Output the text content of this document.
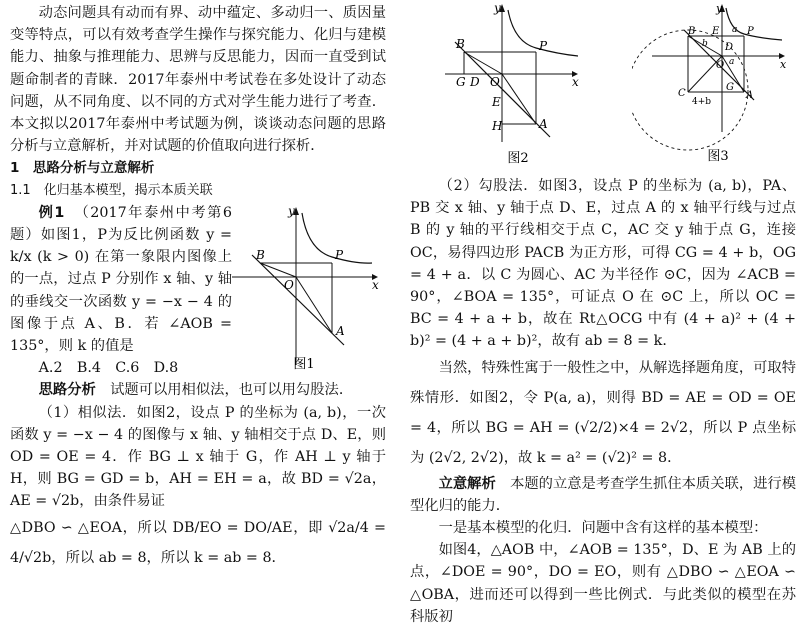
动态问题具有动而有界、动中蕴定、多动归一、质因量变等特点，可以有效考查学生操作与探究能力、化归与建模能力、抽象与推理能力、思辨与反思能力，因而一直受到试题命制者的青睐．2017年泰州中考试卷在多处设计了动态问题，从不同角度、以不同的方式对学生能力进行了考查．本文拟以2017年泰州中考试题为例，谈谈动态问题的思路分析与立意解析，并对试题的价值取向进行探析．

1　思路分析与立意解析

1.1　化归基本模型，揭示本质关联

例1　 （2017年泰州中考第6题）如图1，P为反比例函数 y = k/x (k > 0) 在第一象限内图像上的一点，过点 P 分别作 x 轴、y 轴的垂线交一次函数 y = −x − 4 的图像于点 A、B．若 ∠AOB = 135°，则 k 的值是

A.2　B.4　C.6　D.8

思路分析　 试题可以用相似法，也可以用勾股法．

（1）相似法．如图2，设点 P 的坐标为 (a, b)，一次函数 y = −x − 4 的图像与 x 轴、y 轴相交于点 D、E，则 OD = OE = 4．作 BG ⊥ x 轴于 G，作 AH ⊥ y 轴于 H，则 BG = GD = b，AH = EH = a，故 BD = √2a，AE = √2b，由条件易证

△DBO ∽ △EOA，所以 DB/EO = DO/AE，即 √2a/4 = 4/√2b，所以 ab = 8，所以 k = ab = 8．

y
x
B	P
O
A
图1

（2）勾股法．如图3，设点 P 的坐标为 (a, b)，PA、PB 交 x 轴、y 轴于点 D、E，过点 A 的 x 轴平行线与过点 B 的 y 轴的平行线相交于点 C，AC 交 y 轴于点 G，连接 OC，易得四边形 PACB 为正方形，可得 CG = 4 + b，OG = 4 + a．以 C 为圆心、AC 为半径作 ⊙C，因为 ∠ACB = 90°，∠BOA = 135°，可证点 O 在 ⊙C 上，所以 OC = BC = 4 + a + b，故在 Rt△OCG 中有 (4 + a)² + (4 + b)² = (4 + a + b)²，故有 ab = 8 = k．

当然，特殊性寓于一般性之中，从解选择题角度，可取特殊情形．如图2，令 P(a, a)，则得 BD = AE = OD = OE = 4，所以 BG = AH = (√2/2)×4 = 2√2，所以 P 点坐标为 (2√2, 2√2)，故 k = a² = (√2)² = 8．

立意解析　 本题的立意是考查学生抓住本质关联，进行模型化归的能力．

一是基本模型的化归．问题中含有这样的基本模型：

如图4，△AOB 中，∠AOB = 135°，D、E 为 AB 上的点，∠DOE = 90°，DO = EO，则有 △DBO ∽ △EOA ∽ △OBA，进而还可以得到一些比例式．与此类似的模型在苏科版初

y
x
B	P
G D O
E
H	A
图2
y
x
B E	P
D
O
A
C
G
a
b
a
4+b
图3
